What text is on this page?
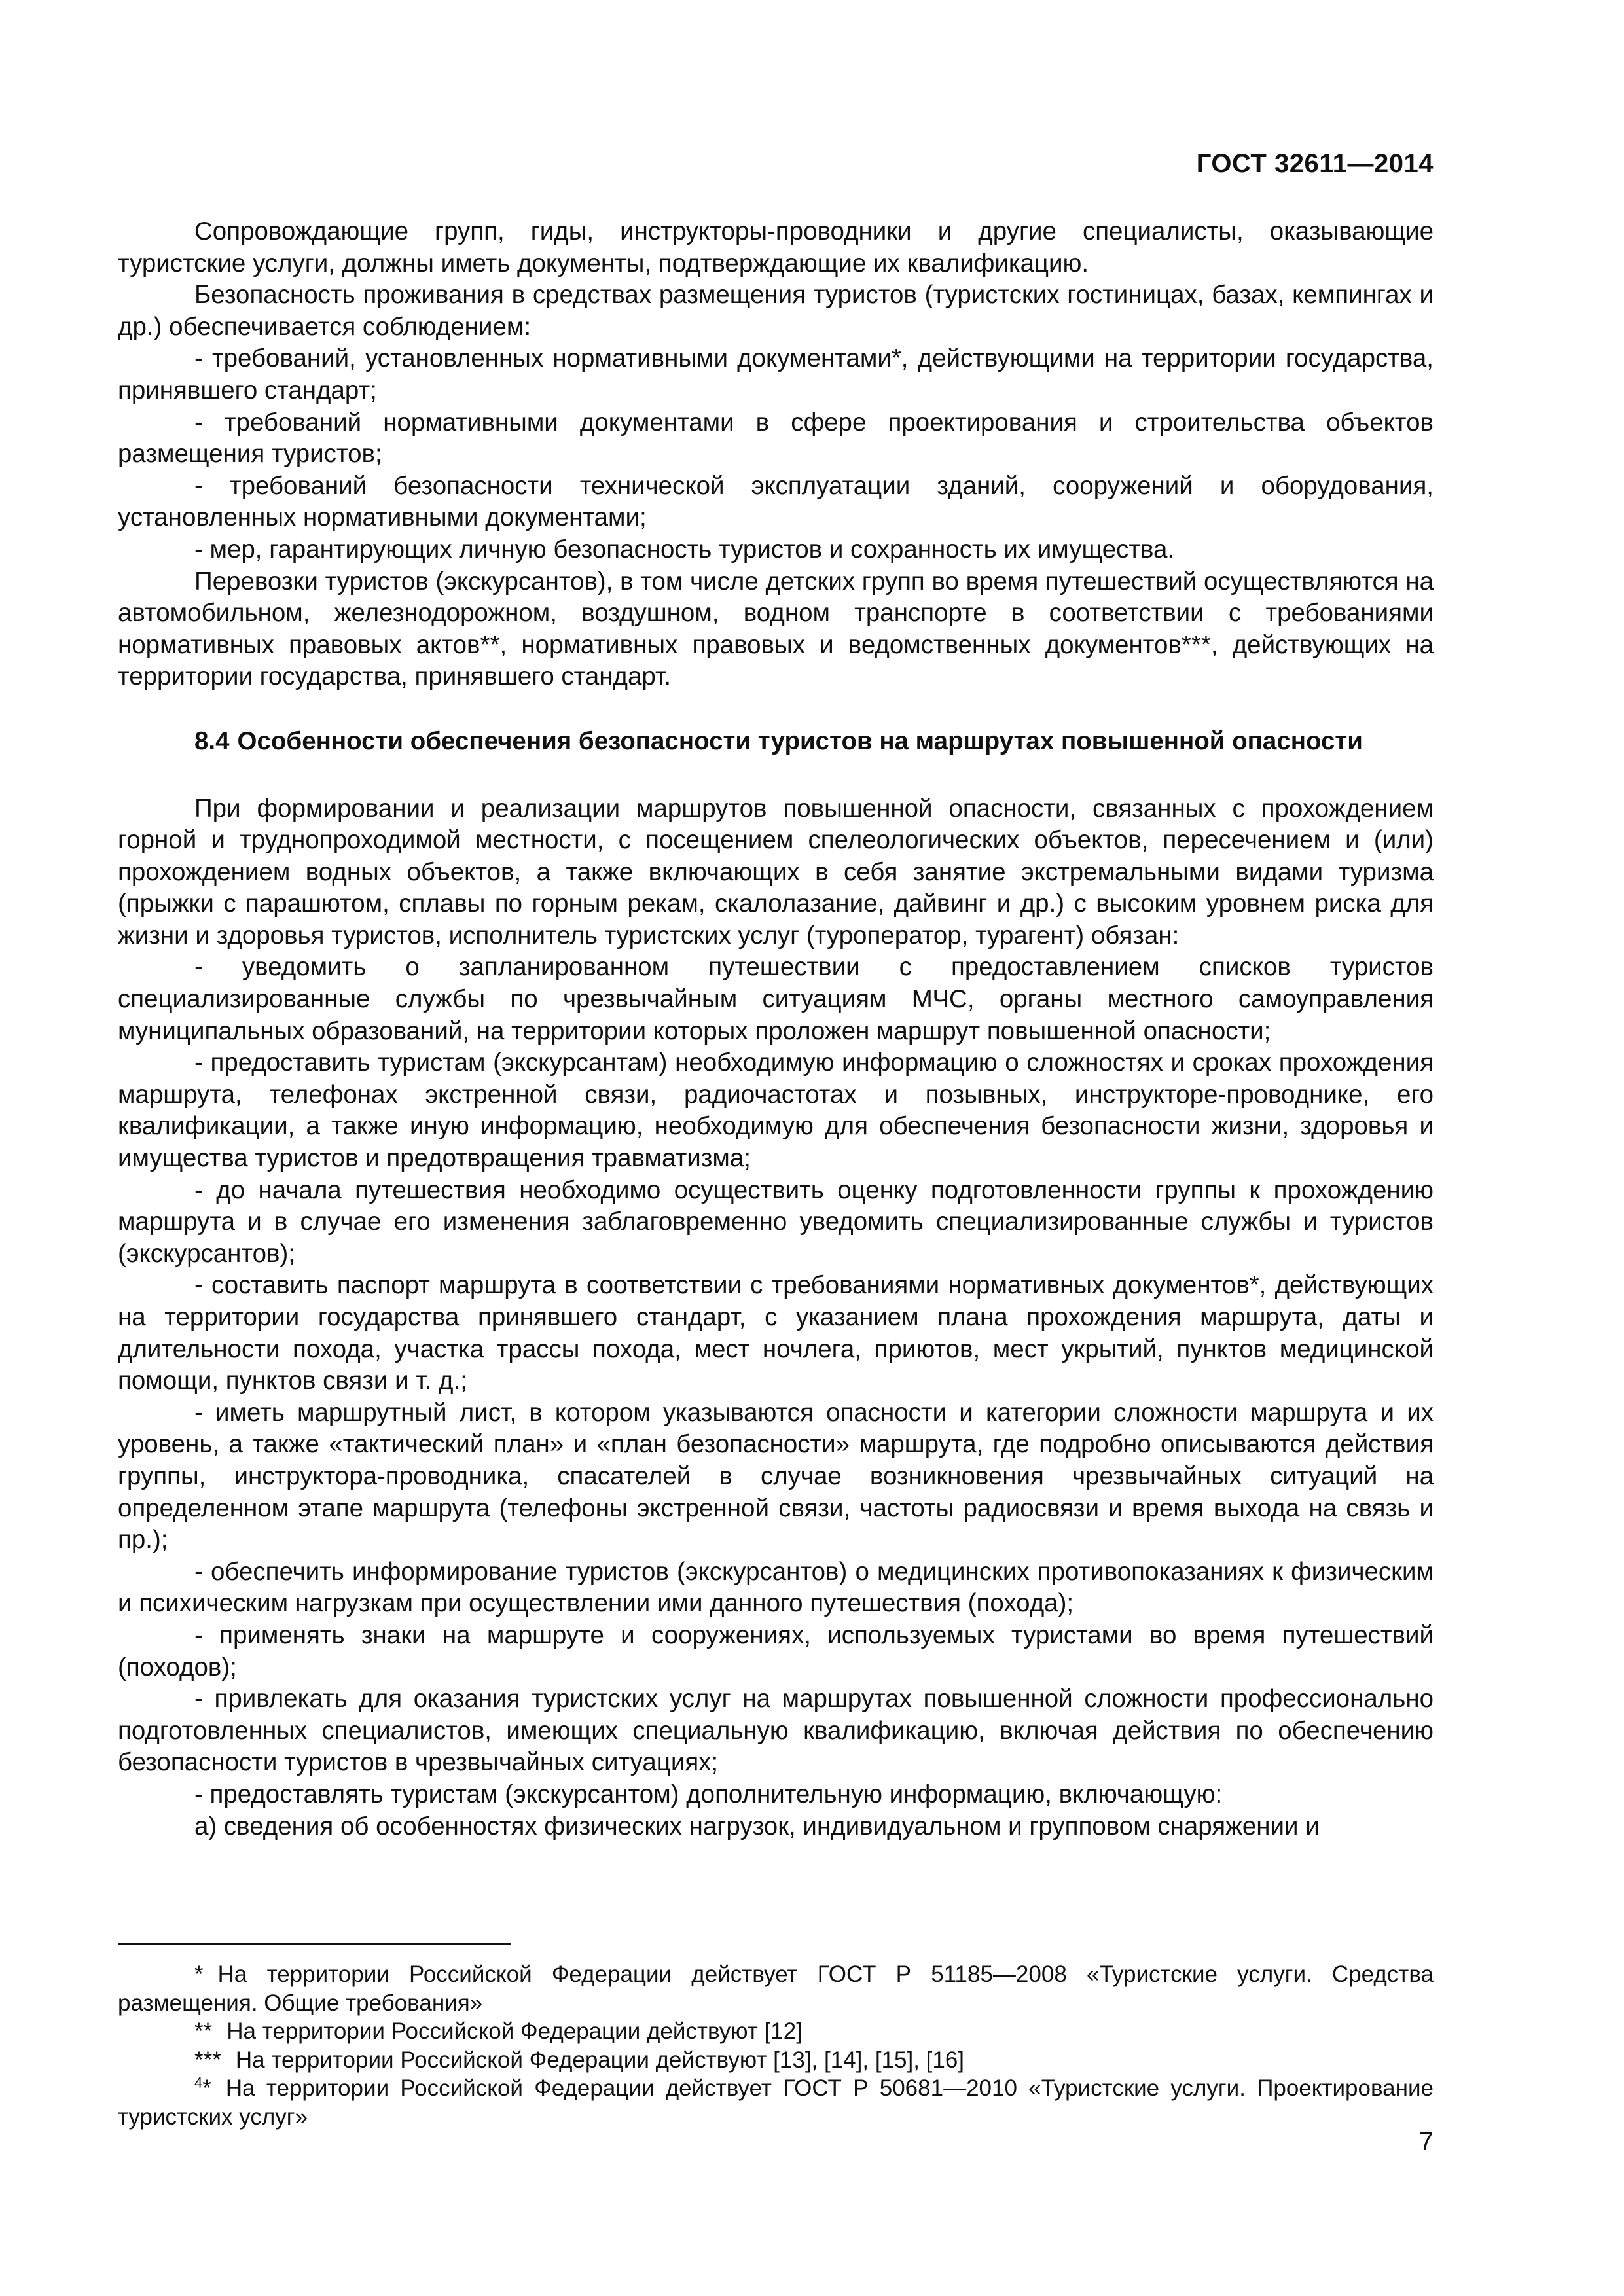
ГОСТ 32611—2014

Сопровождающие групп, гиды, инструкторы-проводники и другие специалисты, оказывающие туристские услуги, должны иметь документы, подтверждающие их квалификацию.

Безопасность проживания в средствах размещения туристов (туристских гостиницах, базах, кемпингах и др.) обеспечивается соблюдением:

- требований, установленных нормативными документами*, действующими на территории государства, принявшего стандарт;

- требований нормативными документами в сфере проектирования и строительства объектов размещения туристов;

- требований безопасности технической эксплуатации зданий, сооружений и оборудования, установленных нормативными документами;

- мер, гарантирующих личную безопасность туристов и сохранность их имущества.

Перевозки туристов (экскурсантов), в том числе детских групп во время путешествий осуществляются на автомобильном, железнодорожном, воздушном, водном транспорте в соответствии с требованиями нормативных правовых актов**, нормативных правовых и ведомственных документов***, действующих на территории государства, принявшего стандарт.

8.4 Особенности обеспечения безопасности туристов на маршрутах повышенной опасности

При формировании и реализации маршрутов повышенной опасности, связанных с прохождением горной и труднопроходимой местности, с посещением спелеологических объектов, пересечением и (или) прохождением водных объектов, а также включающих в себя занятие экстремальными видами туризма (прыжки с парашютом, сплавы по горным рекам, скалолазание, дайвинг и др.) с высоким уровнем риска для жизни и здоровья туристов, исполнитель туристских услуг (туроператор, турагент) обязан:

- уведомить о запланированном путешествии с предоставлением списков туристов специализированные службы по чрезвычайным ситуациям МЧС, органы местного самоуправления муниципальных образований, на территории которых проложен маршрут повышенной опасности;

- предоставить туристам (экскурсантам) необходимую информацию о сложностях и сроках прохождения маршрута, телефонах экстренной связи, радиочастотах и позывных, инструкторе-проводнике, его квалификации, а также иную информацию, необходимую для обеспечения безопасности жизни, здоровья и имущества туристов и предотвращения травматизма;

- до начала путешествия необходимо осуществить оценку подготовленности группы к прохождению маршрута и в случае его изменения заблаговременно уведомить специализированные службы и туристов (экскурсантов);

- составить паспорт маршрута в соответствии с требованиями нормативных документов*, действующих на территории государства принявшего стандарт, с указанием плана прохождения маршрута, даты и длительности похода, участка трассы похода, мест ночлега, приютов, мест укрытий, пунктов медицинской помощи, пунктов связи и т. д.;

- иметь маршрутный лист, в котором указываются опасности и категории сложности маршрута и их уровень, а также «тактический план» и «план безопасности» маршрута, где подробно описываются действия группы, инструктора-проводника, спасателей в случае возникновения чрезвычайных ситуаций на определенном этапе маршрута (телефоны экстренной связи, частоты радиосвязи и время выхода на связь и пр.);

- обеспечить информирование туристов (экскурсантов) о медицинских противопоказаниях к физическим и психическим нагрузкам при осуществлении ими данного путешествия (похода);

- применять знаки на маршруте и сооружениях, используемых туристами во время путешествий (походов);

- привлекать для оказания туристских услуг на маршрутах повышенной сложности профессионально подготовленных специалистов, имеющих специальную квалификацию, включая действия по обеспечению безопасности туристов в чрезвычайных ситуациях;

- предоставлять туристам (экскурсантом) дополнительную информацию, включающую:

а) сведения об особенностях физических нагрузок, индивидуальном и групповом снаряжении и

* На территории Российской Федерации действует ГОСТ Р 51185—2008 «Туристские услуги. Средства размещения. Общие требования»

** На территории Российской Федерации действуют [12]

*** На территории Российской Федерации действуют [13], [14], [15], [16]

$^4$* На территории Российской Федерации действует ГОСТ Р 50681—2010 «Туристские услуги. Проектирование туристских услуг»

7
